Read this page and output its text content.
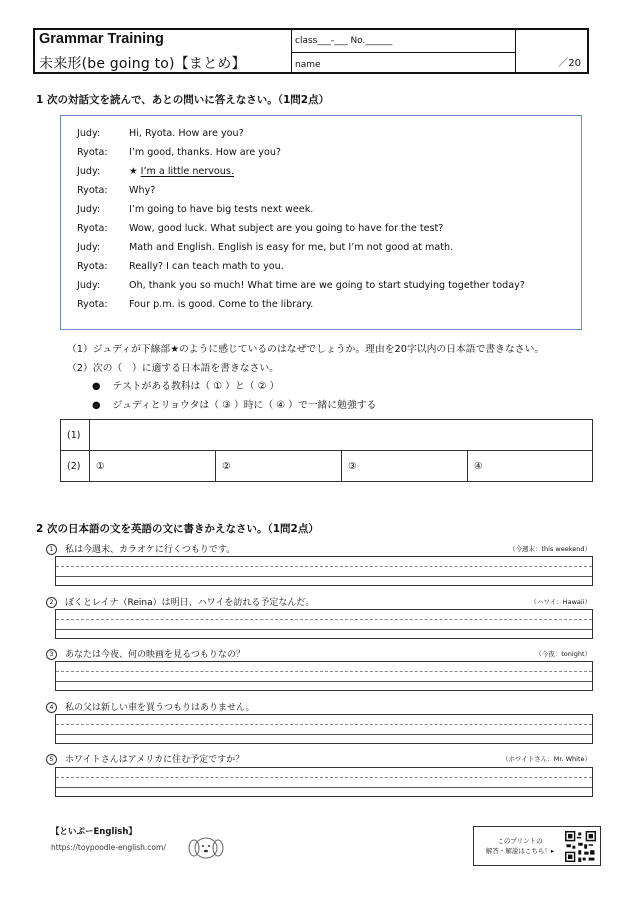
Grammar Training
未来形(be going to)【まとめ】
class___-___ No.______
name	／20
1 次の対話文を読んで、あとの問いに答えなさい。（1問2点）
Judy:	Hi, Ryota. How are you?
Ryota: I’m good, thanks. How are you?
Judy:	★ I’m a little nervous.
Ryota: Why?
Judy:	I’m going to have big tests next week.
Ryota: Wow, good luck. What subject are you going to have for the test?
Judy:	Math and English. English is easy for me, but I’m not good at math.
Ryota: Really? I can teach math to you.
Judy:	Oh, thank you so much! What time are we going to start studying together today?
Ryota: Four p.m. is good. Come to the library.
（1）ジュディが下線部★のように感じているのはなぜでしょうか。理由を20字以内の日本語で書きなさい。
（2）次の（　）に適する日本語を書きなさい。
● テストがある教科は（ ① ）と（ ② ）
● ジュディとリョウタは（ ③ ）時に（ ④ ）で一緒に勉強する
(1)				
(2)	①	②	③	④
2 次の日本語の文を英語の文に書きかえなさい。（1問2点）
1 私は今週末、カラオケに行くつもりです。	（今週末：this weekend）
2 ぼくとレイナ（Reina）は明日、ハワイを訪れる予定なんだ。	（ハワイ：Hawaii）
3 あなたは今夜、何の映画を見るつもりなの？	（今夜：tonight）
4 私の父は新しい車を買うつもりはありません。
5 ホワイトさんはアメリカに住む予定ですか？	（ホワイトさん：Mr. White）
【といぷーEnglish】
https://toypoodle-english.com/
このプリントの
解答・解説はこちら！▸
